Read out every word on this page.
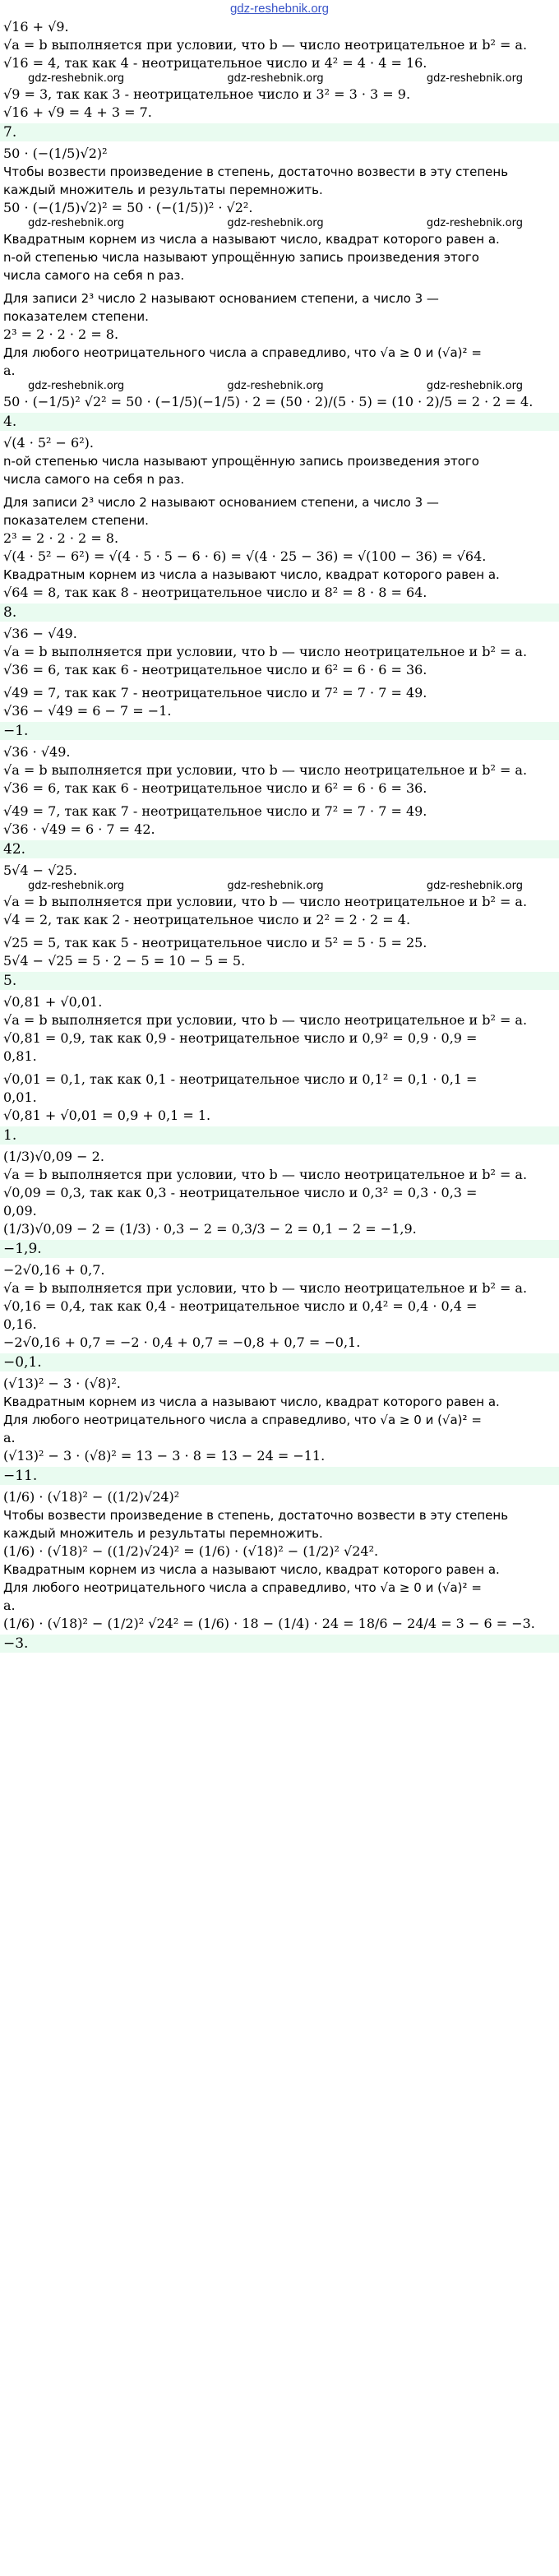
gdz-reshebnik.org
√16 + √9.
√a = b выполняется при условии, что b — число неотрицательное и b² = a.
√16 = 4, так как 4 - неотрицательное число и 4² = 4 · 4 = 16.
gdz-reshebnik.org	gdz-reshebnik.org	gdz-reshebnik.org
√9 = 3, так как 3 - неотрицательное число и 3² = 3 · 3 = 9.
√16 + √9 = 4 + 3 = 7.
7.
50 · (−(1/5)√2)²
Чтобы возвести произведение в степень, достаточно возвести в эту степень
каждый множитель и результаты перемножить.
50 · (−(1/5)√2)² = 50 · (−(1/5))² · √2².
gdz-reshebnik.org	gdz-reshebnik.org	gdz-reshebnik.org
Квадратным корнем из числа a называют число, квадрат которого равен a.
n-ой степенью числа называют упрощённую запись произведения этого
числа самого на себя n раз.
Для записи 2³ число 2 называют основанием степени, а число 3 —
показателем степени.
2³ = 2 · 2 · 2 = 8.
Для любого неотрицательного числа a справедливо, что √a ≥ 0 и (√a)² =
a.
gdz-reshebnik.org	gdz-reshebnik.org	gdz-reshebnik.org
50 · (−1/5)² √2² = 50 · (−1/5)(−1/5) · 2 = (50 · 2)/(5 · 5) = (10 · 2)/5 = 2 · 2 = 4.
4.
√(4 · 5² − 6²).
n-ой степенью числа называют упрощённую запись произведения этого
числа самого на себя n раз.
Для записи 2³ число 2 называют основанием степени, а число 3 —
показателем степени.
2³ = 2 · 2 · 2 = 8.
√(4 · 5² − 6²) = √(4 · 5 · 5 − 6 · 6) = √(4 · 25 − 36) = √(100 − 36) = √64.
Квадратным корнем из числа a называют число, квадрат которого равен a.
√64 = 8, так как 8 - неотрицательное число и 8² = 8 · 8 = 64.
8.
√36 − √49.
√a = b выполняется при условии, что b — число неотрицательное и b² = a.
√36 = 6, так как 6 - неотрицательное число и 6² = 6 · 6 = 36.
√49 = 7, так как 7 - неотрицательное число и 7² = 7 · 7 = 49.
√36 − √49 = 6 − 7 = −1.
−1.
√36 · √49.
√a = b выполняется при условии, что b — число неотрицательное и b² = a.
√36 = 6, так как 6 - неотрицательное число и 6² = 6 · 6 = 36.
√49 = 7, так как 7 - неотрицательное число и 7² = 7 · 7 = 49.
√36 · √49 = 6 · 7 = 42.
42.
5√4 − √25.
gdz-reshebnik.org	gdz-reshebnik.org	gdz-reshebnik.org
√a = b выполняется при условии, что b — число неотрицательное и b² = a.
√4 = 2, так как 2 - неотрицательное число и 2² = 2 · 2 = 4.
√25 = 5, так как 5 - неотрицательное число и 5² = 5 · 5 = 25.
5√4 − √25 = 5 · 2 − 5 = 10 − 5 = 5.
5.
√0,81 + √0,01.
√a = b выполняется при условии, что b — число неотрицательное и b² = a.
√0,81 = 0,9, так как 0,9 - неотрицательное число и 0,9² = 0,9 · 0,9 =
0,81.
√0,01 = 0,1, так как 0,1 - неотрицательное число и 0,1² = 0,1 · 0,1 =
0,01.
√0,81 + √0,01 = 0,9 + 0,1 = 1.
1.
(1/3)√0,09 − 2.
√a = b выполняется при условии, что b — число неотрицательное и b² = a.
√0,09 = 0,3, так как 0,3 - неотрицательное число и 0,3² = 0,3 · 0,3 =
0,09.
(1/3)√0,09 − 2 = (1/3) · 0,3 − 2 = 0,3/3 − 2 = 0,1 − 2 = −1,9.
−1,9.
−2√0,16 + 0,7.
√a = b выполняется при условии, что b — число неотрицательное и b² = a.
√0,16 = 0,4, так как 0,4 - неотрицательное число и 0,4² = 0,4 · 0,4 =
0,16.
−2√0,16 + 0,7 = −2 · 0,4 + 0,7 = −0,8 + 0,7 = −0,1.
−0,1.
(√13)² − 3 · (√8)².
Квадратным корнем из числа a называют число, квадрат которого равен a.
Для любого неотрицательного числа a справедливо, что √a ≥ 0 и (√a)² =
a.
(√13)² − 3 · (√8)² = 13 − 3 · 8 = 13 − 24 = −11.
−11.
(1/6) · (√18)² − ((1/2)√24)²
Чтобы возвести произведение в степень, достаточно возвести в эту степень
каждый множитель и результаты перемножить.
(1/6) · (√18)² − ((1/2)√24)² = (1/6) · (√18)² − (1/2)² √24².
Квадратным корнем из числа a называют число, квадрат которого равен a.
Для любого неотрицательного числа a справедливо, что √a ≥ 0 и (√a)² =
a.
(1/6) · (√18)² − (1/2)² √24² = (1/6) · 18 − (1/4) · 24 = 18/6 − 24/4 = 3 − 6 = −3.
−3.
